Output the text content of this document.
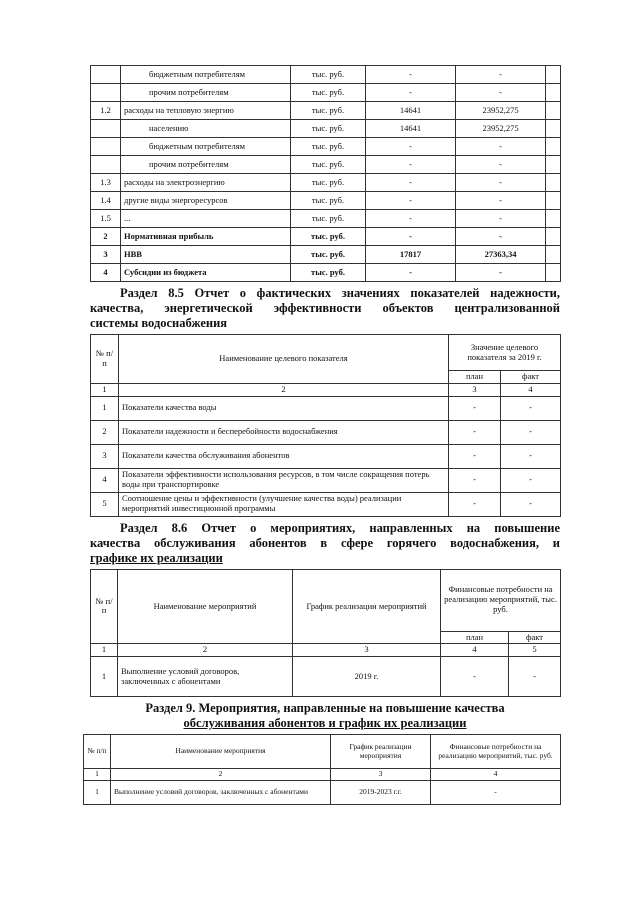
	бюджетным потребителям	тыс. руб.	-	-	
	прочим потребителям	тыс. руб.	-	-	
1.2	расходы на тепловую энергию	тыс. руб.	14641	23952,275	
	населению	тыс. руб.	14641	23952,275	
	бюджетным потребителям	тыс. руб.	-	-	
	прочим потребителям	тыс. руб.	-	-	
1.3	расходы на электроэнергию	тыс. руб.	-	-	
1.4	другие виды энергоресурсов	тыс. руб.	-	-	
1.5	...	тыс. руб.	-	-	
2	Нормативная прибыль	тыс. руб.	-	-	
3	НВВ	тыс. руб.	17817	27363,34	
4	Субсидии из бюджета	тыс. руб.	-	-	
Раздел 8.5 Отчет о фактических значениях показателей надежности,
качества, энергетической эффективности объектов централизованной
системы водоснабжения
№ п/п	Наименование целевого показателя	Значение целевого показателя за 2019 г.	
		план	факт
1	2	3	4
1	Показатели качества воды	-	-
2	Показатели надежности и бесперебойности водоснабжения	-	-
3	Показатели качества обслуживания абонентов	-	-
4	Показатели эффективности использования ресурсов, в том числе сокращения потерь воды при транспортировке	-	-
5	Соотношение цены и эффективности (улучшение качества воды) реализации мероприятий инвестиционной программы	-	-
Раздел 8.6 Отчет о мероприятиях, направленных на повышение
качества обслуживания абонентов в сфере горячего водоснабжения, и
графике их реализации
№ п/п	Наименование мероприятий	График реализации мероприятий	Финансовые потребности на реализацию мероприятий, тыс. руб.	
			план	факт
1	2	3	4	5
1	Выполнение условий договоров, заключенных с абонентами	2019 г.	-	-
Раздел 9. Мероприятия, направленные на повышение качества
обслуживания абонентов и график их реализации
№ п/п	Наименование мероприятия	График реализации мероприятия	Финансовые потребности на реализацию мероприятий, тыс. руб.
1	2	3	4
1	Выполнение условий договоров, заключенных с абонентами	2019-2023 г.г.	-
